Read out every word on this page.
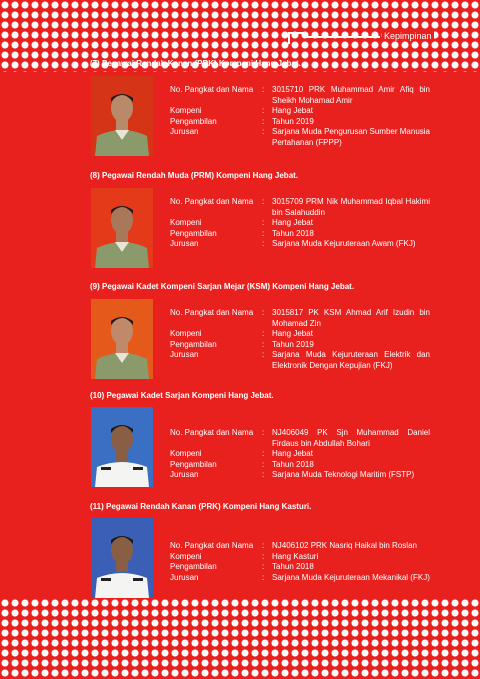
Kepimpinan
(7) Pegawai Rendah Kanan (PRK) Kompeni Hang Jebat.
No. Pangkat dan Nama	: 3015710 PRK Muhammad Amir Afiq bin Sheikh Mohamad Amir
Kompeni	: Hang Jebat
Pengambilan	: Tahun 2019
Jurusan	: Sarjana Muda Pengurusan Sumber Manusia Pertahanan (FPPP)
(8) Pegawai Rendah Muda (PRM) Kompeni Hang Jebat.
No. Pangkat dan Nama	: 3015709 PRM Nik Muhammad Iqbal Hakimi bin Salahuddin
Kompeni	: Hang Jebat
Pengambilan	: Tahun 2018
Jurusan	: Sarjana Muda Kejuruteraan Awam (FKJ)
(9) Pegawai Kadet Kompeni Sarjan Mejar (KSM) Kompeni Hang Jebat.
No. Pangkat dan Nama	: 3015817 PK KSM Ahmad Arif Izudin bin Mohamad Zin
Kompeni	: Hang Jebat
Pengambilan	: Tahun 2019
Jurusan	: Sarjana Muda Kejuruteraan Elektrik dan Elektronik Dengan Kepujian (FKJ)
(10) Pegawai Kadet Sarjan Kompeni Hang Jebat.
No. Pangkat dan Nama	: NJ406049 PK Sjn Muhammad Daniel Firdaus bin Abdullah Bohari
Kompeni	: Hang Jebat
Pengambilan	: Tahun 2018
Jurusan	: Sarjana Muda Teknologi Maritim (FSTP)
(11) Pegawai Rendah Kanan (PRK) Kompeni Hang Kasturi.
No. Pangkat dan Nama	: NJ406102 PRK Nasriq Haikal bin Roslan
Kompeni	: Hang Kasturi
Pengambilan	: Tahun 2018
Jurusan	: Sarjana Muda Kejuruteraan Mekanikal (FKJ)
